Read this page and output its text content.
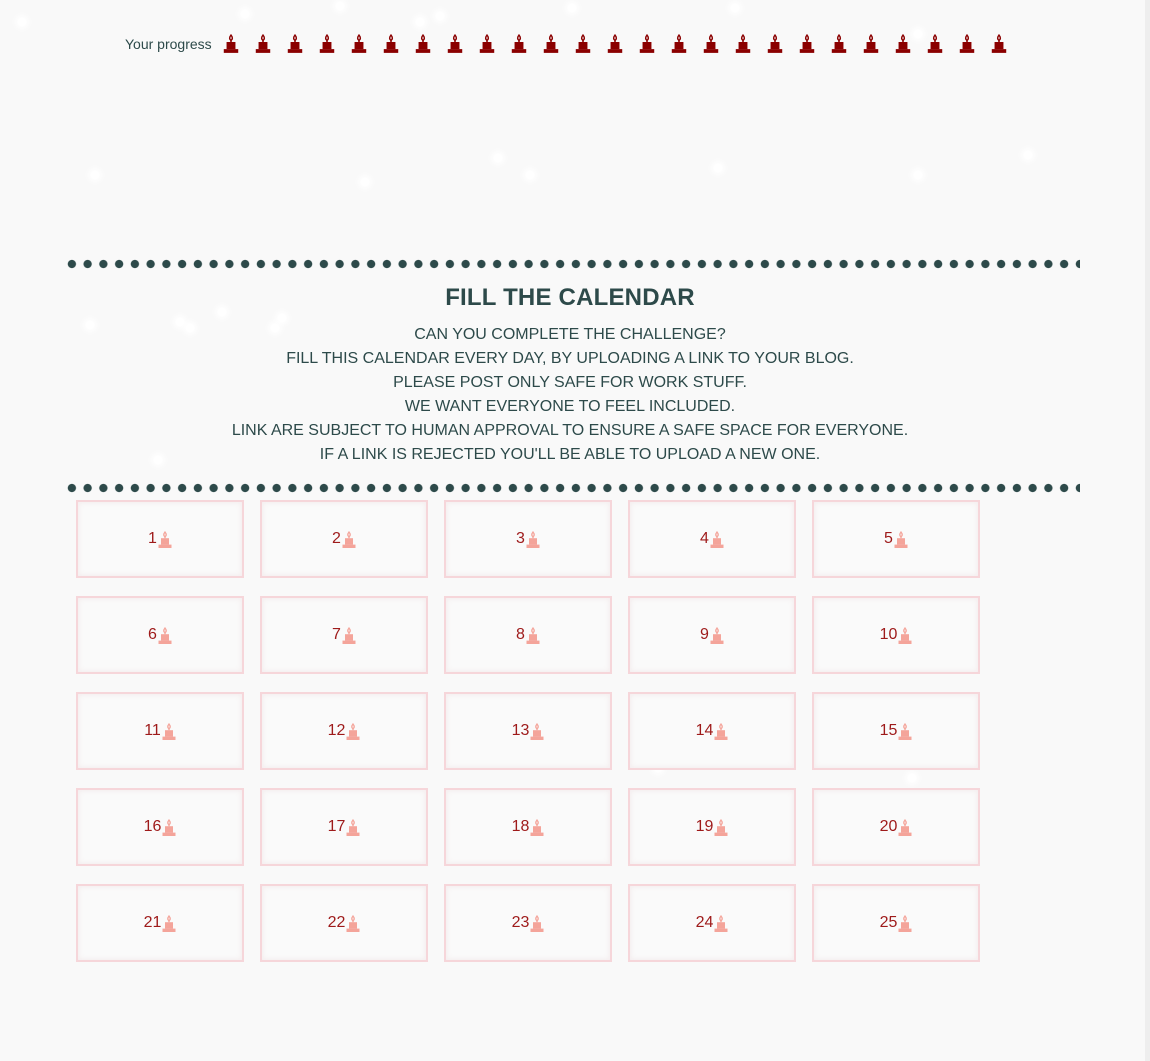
Your progress
FILL THE CALENDAR
CAN YOU COMPLETE THE CHALLENGE?
FILL THIS CALENDAR EVERY DAY, BY UPLOADING A LINK TO YOUR BLOG.
PLEASE POST ONLY SAFE FOR WORK STUFF.
WE WANT EVERYONE TO FEEL INCLUDED.
LINK ARE SUBJECT TO HUMAN APPROVAL TO ENSURE A SAFE SPACE FOR EVERYONE.
IF A LINK IS REJECTED YOU'LL BE ABLE TO UPLOAD A NEW ONE.
1	2	3	4	5
6	7	8	9	10
11	12	13	14	15
16	17	18	19	20
21	22	23	24	25
